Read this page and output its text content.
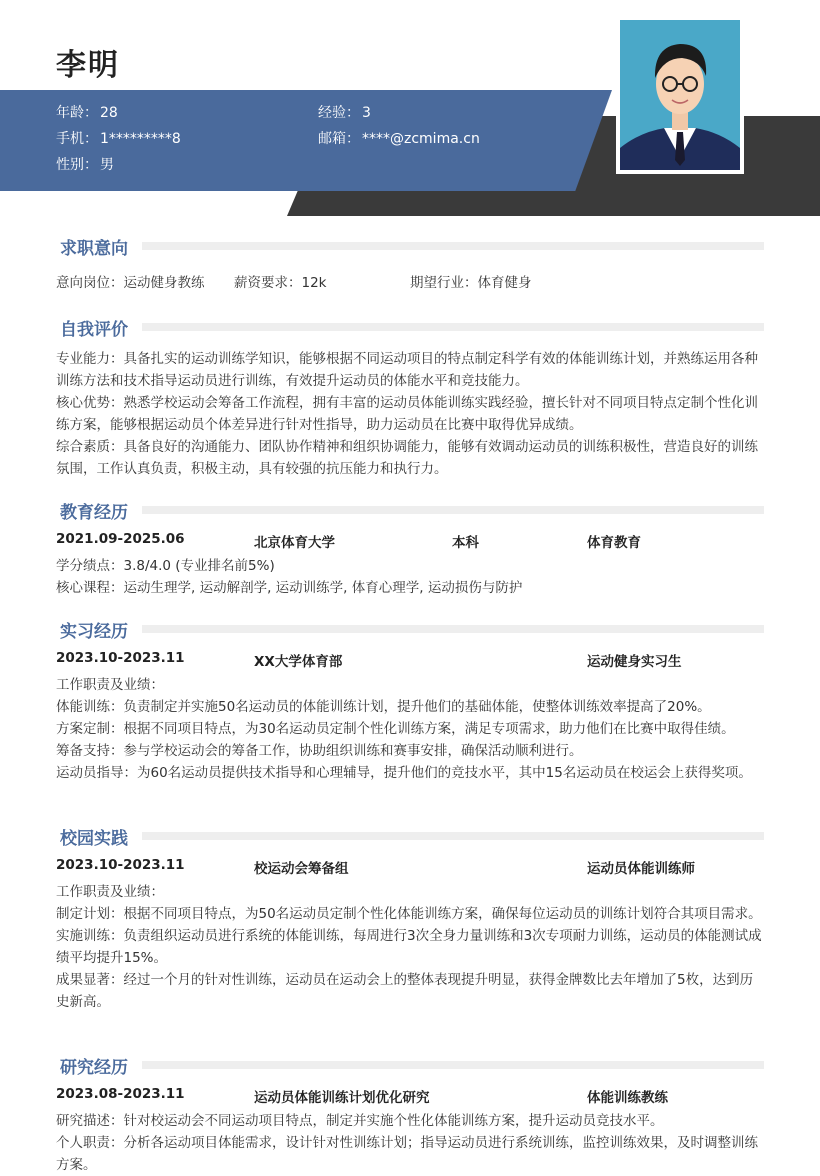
李明
年龄： 28	经验： 3
手机： 1*********8	邮箱： ****@zcmima.cn
性别： 男
求职意向
意向岗位：运动健身教练 薪资要求：12k	期望行业：体育健身
自我评价
专业能力：具备扎实的运动训练学知识，能够根据不同运动项目的特点制定科学有效的体能训练计划，并熟练运用各种训练方法和技术指导运动员进行训练，有效提升运动员的体能水平和竞技能力。
核心优势：熟悉学校运动会筹备工作流程，拥有丰富的运动员体能训练实践经验，擅长针对不同项目特点定制个性化训练方案，能够根据运动员个体差异进行针对性指导，助力运动员在比赛中取得优异成绩。
综合素质：具备良好的沟通能力、团队协作精神和组织协调能力，能够有效调动运动员的训练积极性，营造良好的训练氛围，工作认真负责，积极主动，具有较强的抗压能力和执行力。
教育经历
2021.09-2025.06	北京体育大学	本科	体育教育
学分绩点：3.8/4.0 (专业排名前5%)
核心课程：运动生理学, 运动解剖学, 运动训练学, 体育心理学, 运动损伤与防护
实习经历
2023.10-2023.11	XX大学体育部	运动健身实习生
工作职责及业绩：
体能训练：负责制定并实施50名运动员的体能训练计划，提升他们的基础体能，使整体训练效率提高了20%。
方案定制：根据不同项目特点，为30名运动员定制个性化训练方案，满足专项需求，助力他们在比赛中取得佳绩。
筹备支持：参与学校运动会的筹备工作，协助组织训练和赛事安排，确保活动顺利进行。
运动员指导：为60名运动员提供技术指导和心理辅导，提升他们的竞技水平，其中15名运动员在校运会上获得奖项。
校园实践
2023.10-2023.11	校运动会筹备组	运动员体能训练师
工作职责及业绩：
制定计划：根据不同项目特点，为50名运动员定制个性化体能训练方案，确保每位运动员的训练计划符合其项目需求。
实施训练：负责组织运动员进行系统的体能训练，每周进行3次全身力量训练和3次专项耐力训练，运动员的体能测试成绩平均提升15%。
成果显著：经过一个月的针对性训练，运动员在运动会上的整体表现提升明显，获得金牌数比去年增加了5枚，达到历史新高。
研究经历
2023.08-2023.11	运动员体能训练计划优化研究	体能训练教练
研究描述：针对校运动会不同运动项目特点，制定并实施个性化体能训练方案，提升运动员竞技水平。
个人职责：分析各运动项目体能需求，设计针对性训练计划；指导运动员进行系统训练，监控训练效果，及时调整训练方案。
